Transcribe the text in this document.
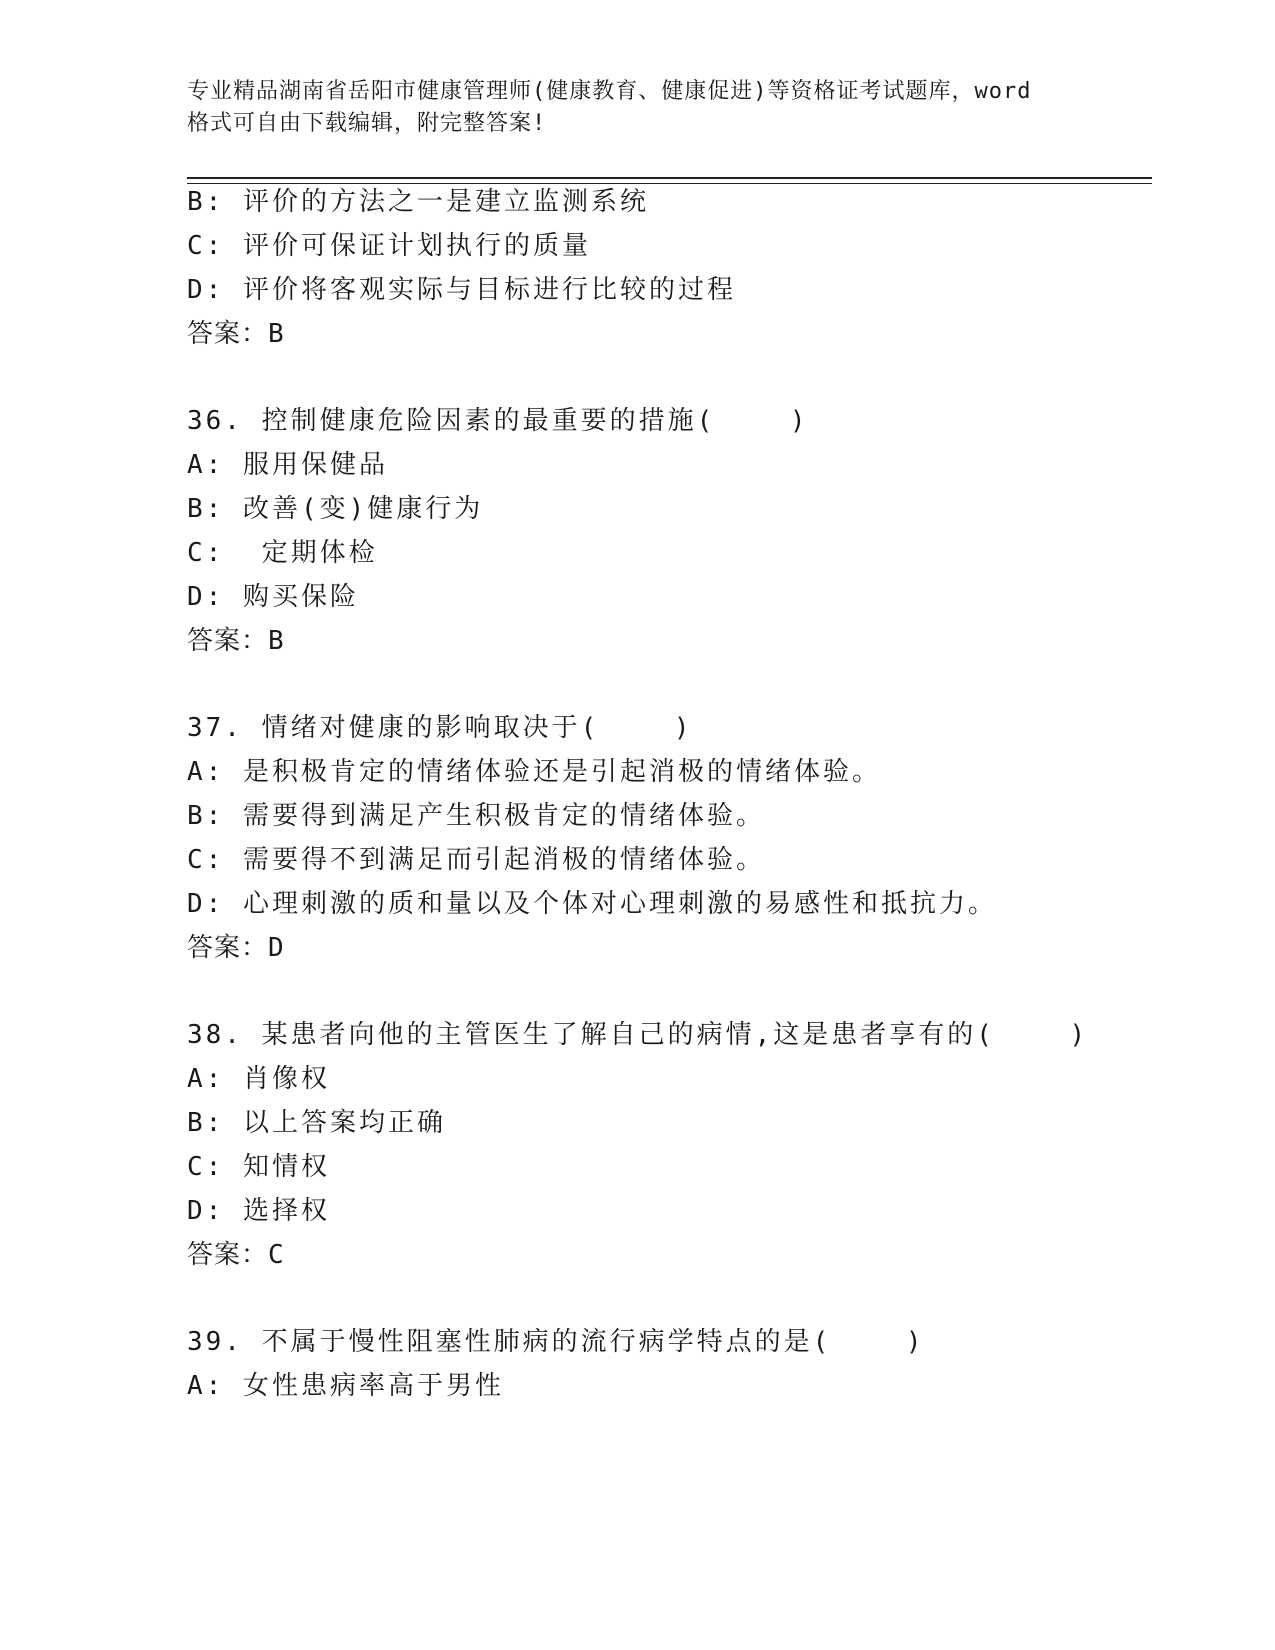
专业精品湖南省岳阳市健康管理师(健康教育、健康促进)等资格证考试题库，word
格式可自由下载编辑，附完整答案!
B: 评价的方法之一是建立监测系统
C: 评价可保证计划执行的质量
D: 评价将客观实际与目标进行比较的过程
答案：B
36. 控制健康危险因素的最重要的措施(    )
A: 服用保健品
B: 改善(变)健康行为
C:  定期体检
D: 购买保险
答案：B
37. 情绪对健康的影响取决于(    )
A: 是积极肯定的情绪体验还是引起消极的情绪体验。
B: 需要得到满足产生积极肯定的情绪体验。
C: 需要得不到满足而引起消极的情绪体验。
D: 心理刺激的质和量以及个体对心理刺激的易感性和抵抗力。
答案：D
38. 某患者向他的主管医生了解自己的病情,这是患者享有的(    )
A: 肖像权
B: 以上答案均正确
C: 知情权
D: 选择权
答案：C
39. 不属于慢性阻塞性肺病的流行病学特点的是(    )
A: 女性患病率高于男性
